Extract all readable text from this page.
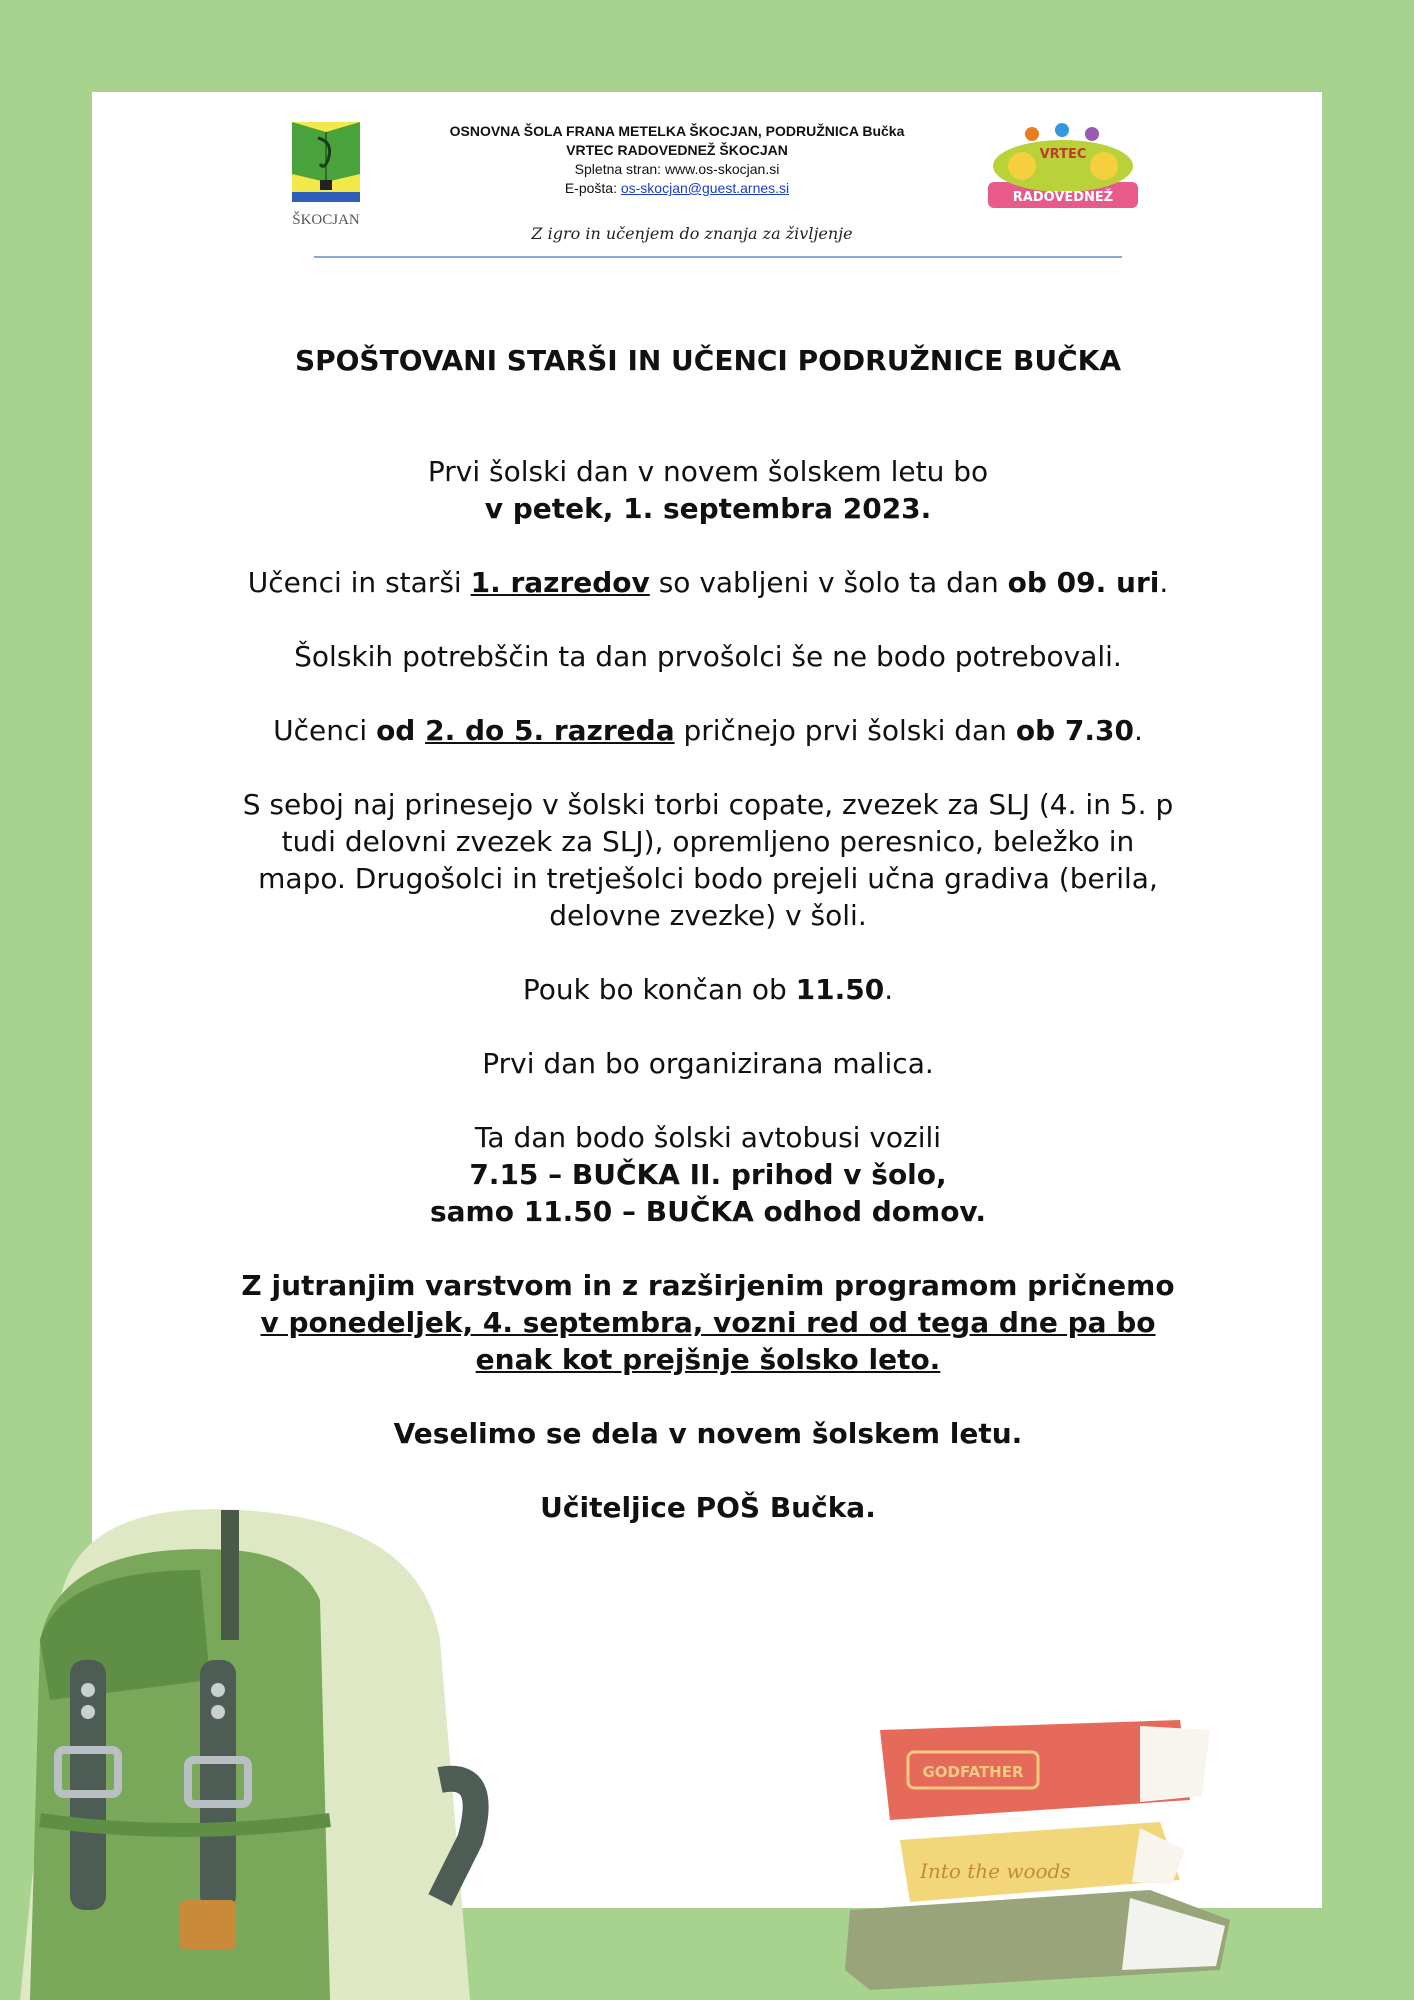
ŠKOCJAN
OSNOVNA ŠOLA FRANA METELKA ŠKOCJAN, PODRUŽNICA Bučka
VRTEC RADOVEDNEŽ ŠKOCJAN
Spletna stran: www.os-skocjan.si
E-pošta: os-skocjan@guest.arnes.si
Z igro in učenjem do znanja za življenje
VRTEC
RADOVEDNEŽ

SPOŠTOVANI STARŠI IN UČENCI PODRUŽNICE BUČKA

Prvi šolski dan v novem šolskem letu bo
v petek, 1. septembra 2023.

Učenci in starši 1. razredov so vabljeni v šolo ta dan ob 09. uri.

Šolskih potrebščin ta dan prvošolci še ne bodo potrebovali.

Učenci od 2. do 5. razreda pričnejo prvi šolski dan ob 7.30.

S seboj naj prinesejo v šolski torbi copate, zvezek za SLJ (4. in 5. p tudi delovni zvezek za SLJ), opremljeno peresnico, beležko in mapo. Drugošolci in tretješolci bodo prejeli učna gradiva (berila, delovne zvezke) v šoli.

Pouk bo končan ob 11.50.

Prvi dan bo organizirana malica.

Ta dan bodo šolski avtobusi vozili
7.15 – BUČKA II. prihod v šolo,
samo 11.50 – BUČKA odhod domov.

Z jutranjim varstvom in z razširjenim programom pričnemo v ponedeljek, 4. septembra, vozni red od tega dne pa bo enak kot prejšnje šolsko leto.

Veselimo se dela v novem šolskem letu.

Učiteljice POŠ Bučka.

Into the woods
GODFATHER
